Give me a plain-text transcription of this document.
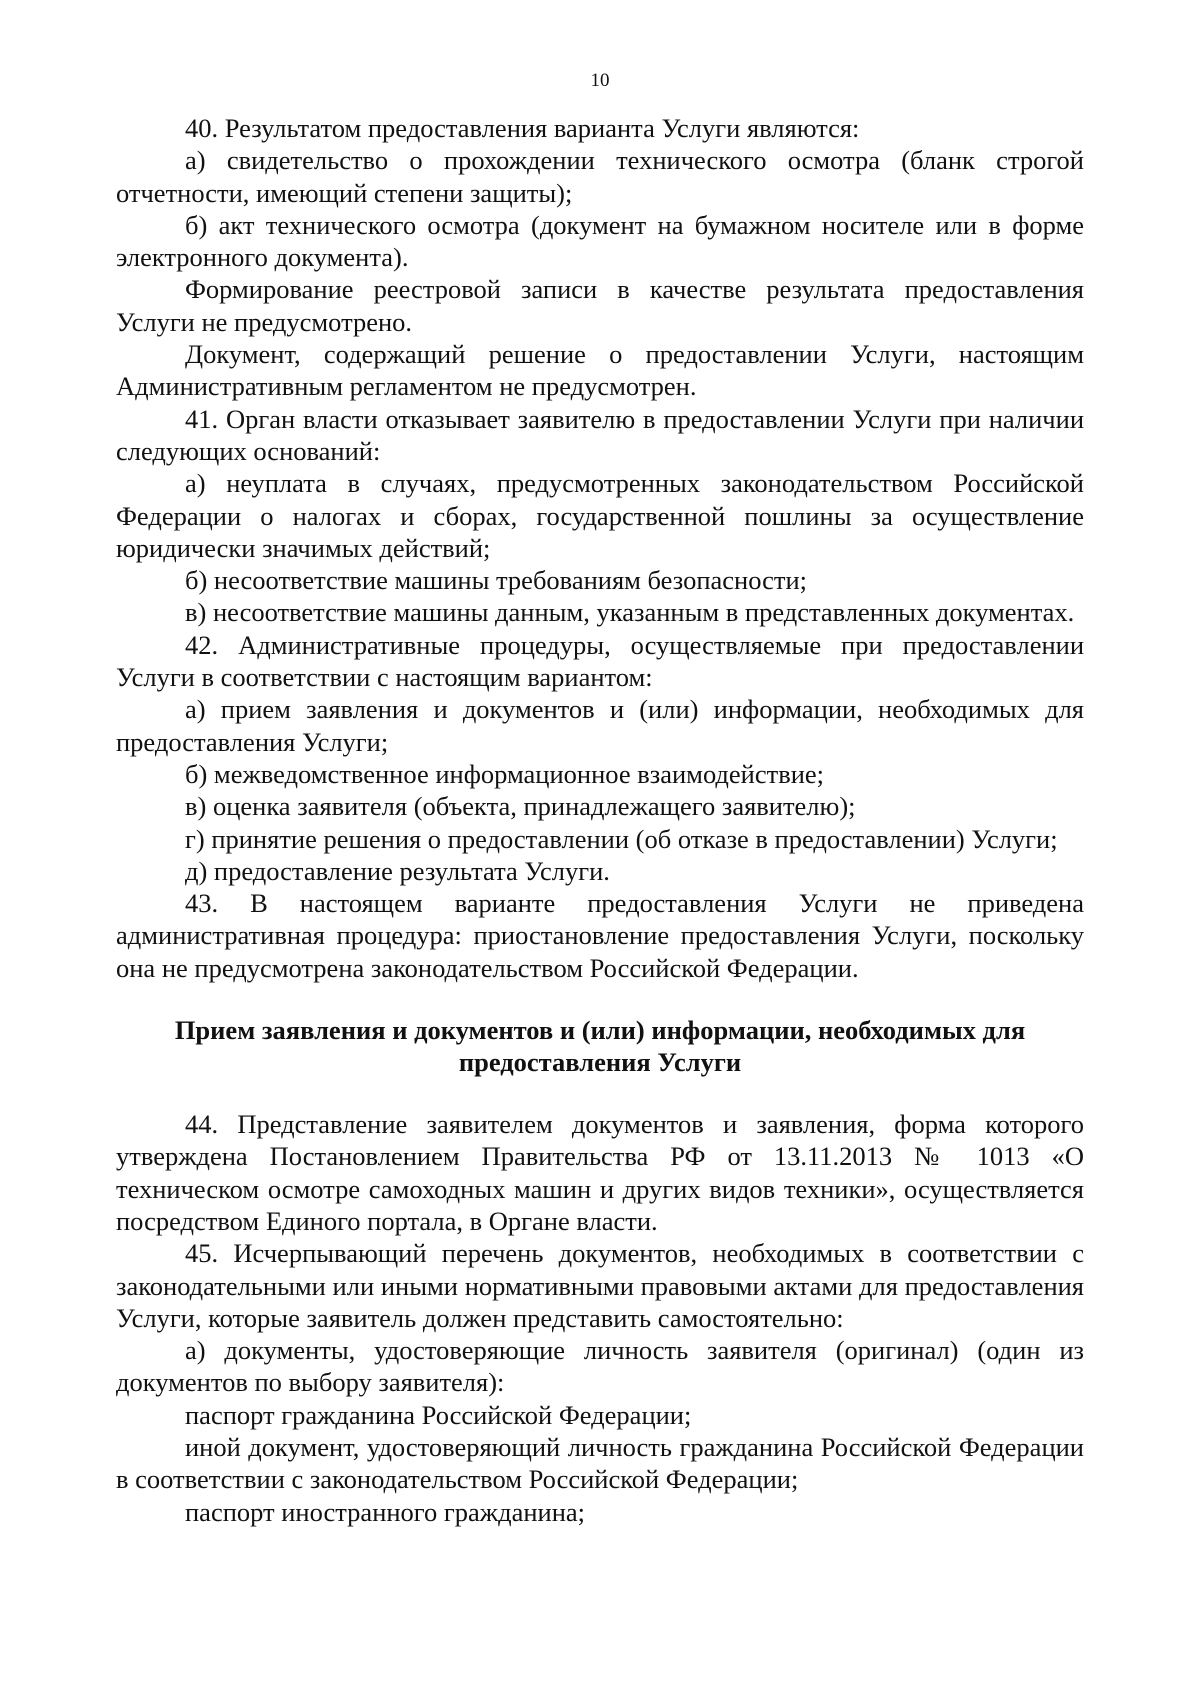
10

40. Результатом предоставления варианта Услуги являются:

а) свидетельство о прохождении технического осмотра (бланк строгой отчетности, имеющий степени защиты);

б) акт технического осмотра (документ на бумажном носителе или в форме электронного документа).

Формирование реестровой записи в качестве результата предоставления Услуги не предусмотрено.

Документ, содержащий решение о предоставлении Услуги, настоящим Административным регламентом не предусмотрен.

41. Орган власти отказывает заявителю в предоставлении Услуги при наличии следующих оснований:

а) неуплата в случаях, предусмотренных законодательством Российской Федерации о налогах и сборах, государственной пошлины за осуществление юридически значимых действий;

б) несоответствие машины требованиям безопасности;

в) несоответствие машины данным, указанным в представленных документах.

42. Административные процедуры, осуществляемые при предоставлении Услуги в соответствии с настоящим вариантом:

а) прием заявления и документов и (или) информации, необходимых для предоставления Услуги;

б) межведомственное информационное взаимодействие;

в) оценка заявителя (объекта, принадлежащего заявителю);

г) принятие решения о предоставлении (об отказе в предоставлении) Услуги;

д) предоставление результата Услуги.

43. В настоящем варианте предоставления Услуги не приведена административная процедура: приостановление предоставления Услуги, поскольку она не предусмотрена законодательством Российской Федерации.

Прием заявления и документов и (или) информации, необходимых для предоставления Услуги

44. Представление заявителем документов и заявления, форма которого утверждена Постановлением Правительства РФ от 13.11.2013 № 1013 «О техническом осмотре самоходных машин и других видов техники», осуществляется посредством Единого портала, в Органе власти.

45. Исчерпывающий перечень документов, необходимых в соответствии с законодательными или иными нормативными правовыми актами для предоставления Услуги, которые заявитель должен представить самостоятельно:

а) документы, удостоверяющие личность заявителя (оригинал) (один из документов по выбору заявителя):

паспорт гражданина Российской Федерации;

иной документ, удостоверяющий личность гражданина Российской Федерации в соответствии с законодательством Российской Федерации;

паспорт иностранного гражданина;
